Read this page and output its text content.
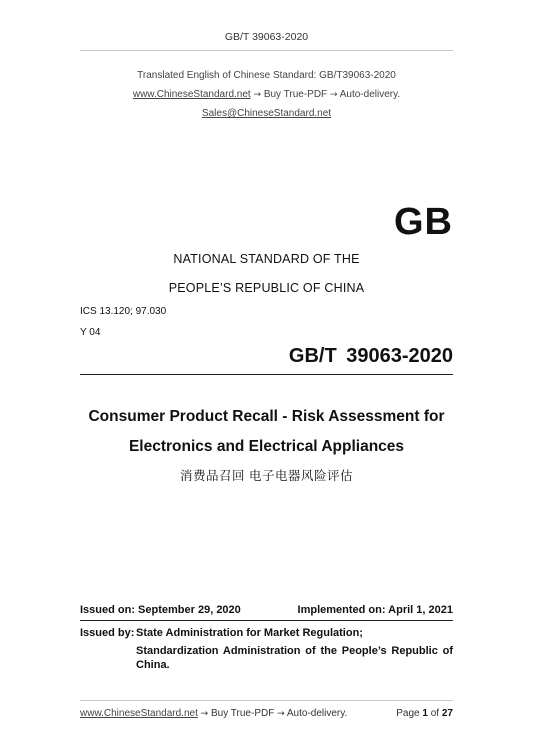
GB/T 39063-2020
Translated English of Chinese Standard: GB/T39063-2020
www.ChineseStandard.net → Buy True-PDF → Auto-delivery.
Sales@ChineseStandard.net
GB
NATIONAL STANDARD OF THE
PEOPLE’S REPUBLIC OF CHINA
ICS 13.120; 97.030
Y 04
GB/T 39063-2020
Consumer Product Recall - Risk Assessment for
Electronics and Electrical Appliances
消费品召回 电子电器风险评估
Issued on: September 29, 2020	Implemented on: April 1, 2021
Issued by: State Administration for Market Regulation;
Standardization Administration of the People’s Republic of
China.
www.ChineseStandard.net → Buy True-PDF → Auto-delivery.	Page 1 of 27
